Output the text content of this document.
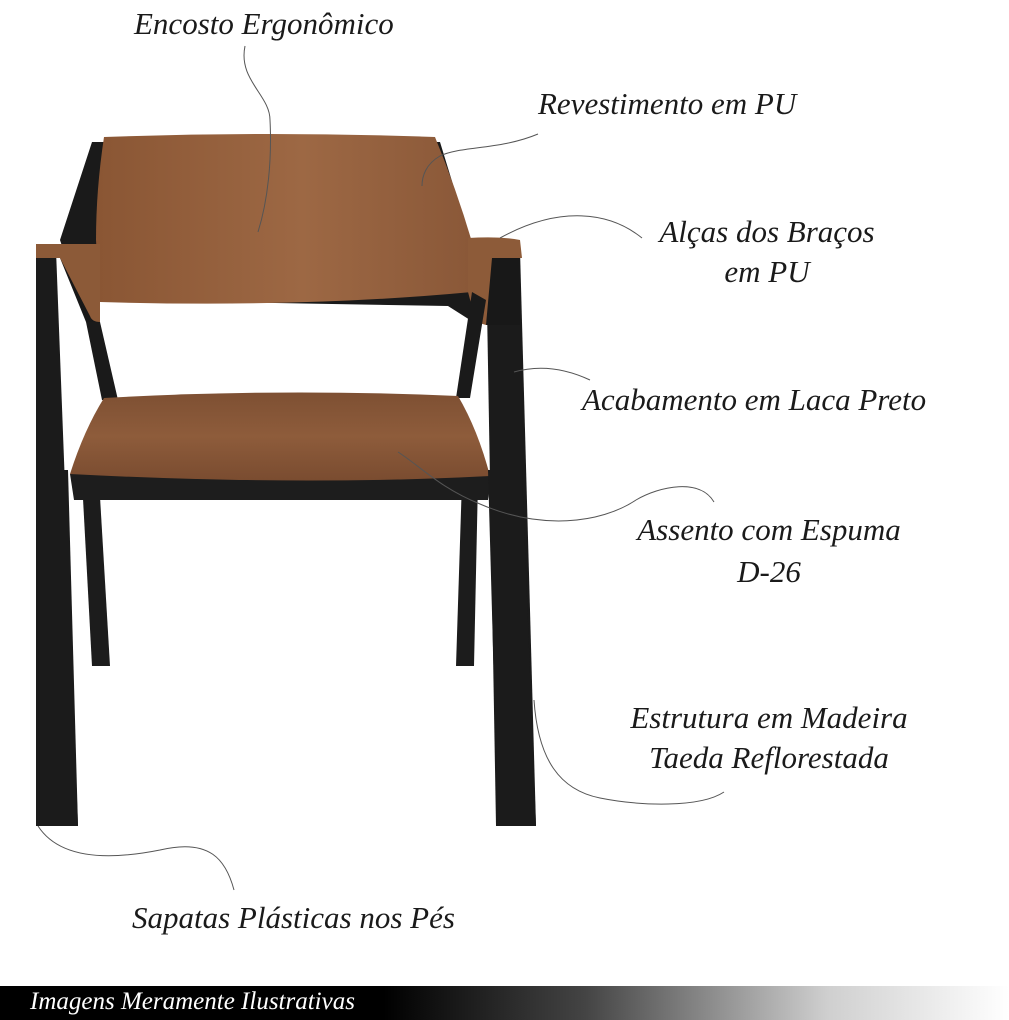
Encosto Ergonômico
Revestimento em PU
Alças dos Braços
em PU
Acabamento em Laca Preto
Assento com Espuma
D-26
Estrutura em Madeira
Taeda Reflorestada
Sapatas Plásticas nos Pés
Imagens Meramente Ilustrativas
